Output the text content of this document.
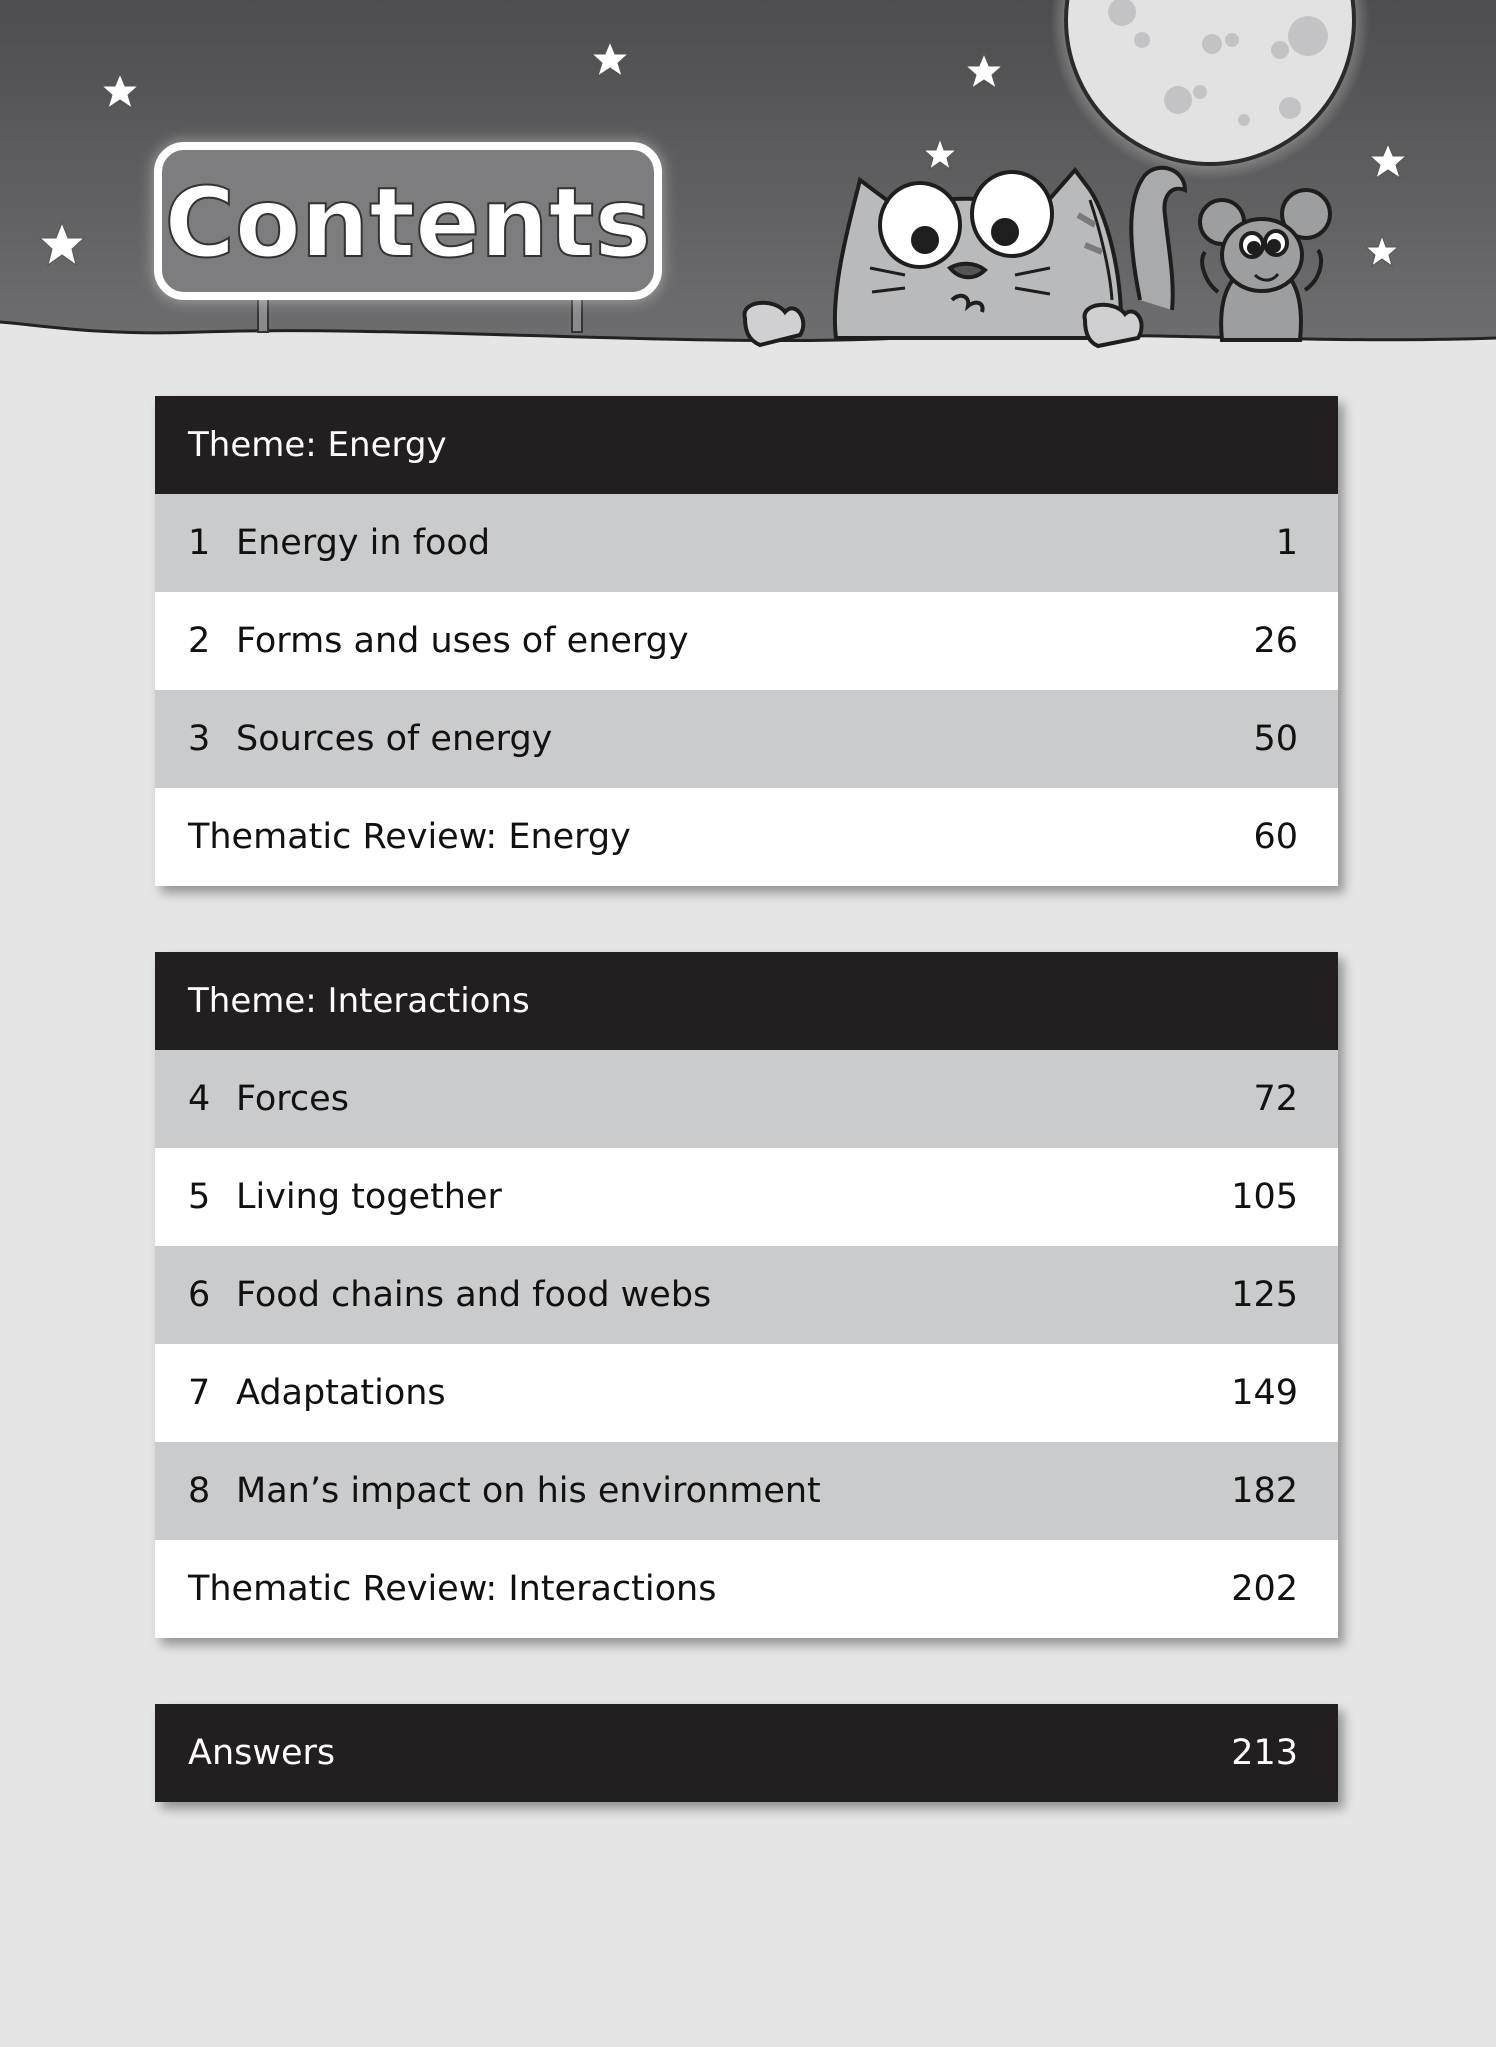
Contents
Theme: Energy
1 Energy in food	1
2 Forms and uses of energy	26
3 Sources of energy	50
Thematic Review: Energy	60
Theme: Interactions
4 Forces	72
5 Living together	105
6 Food chains and food webs	125
7 Adaptations	149
8 Man’s impact on his environment	182
Thematic Review: Interactions	202
Answers	213
